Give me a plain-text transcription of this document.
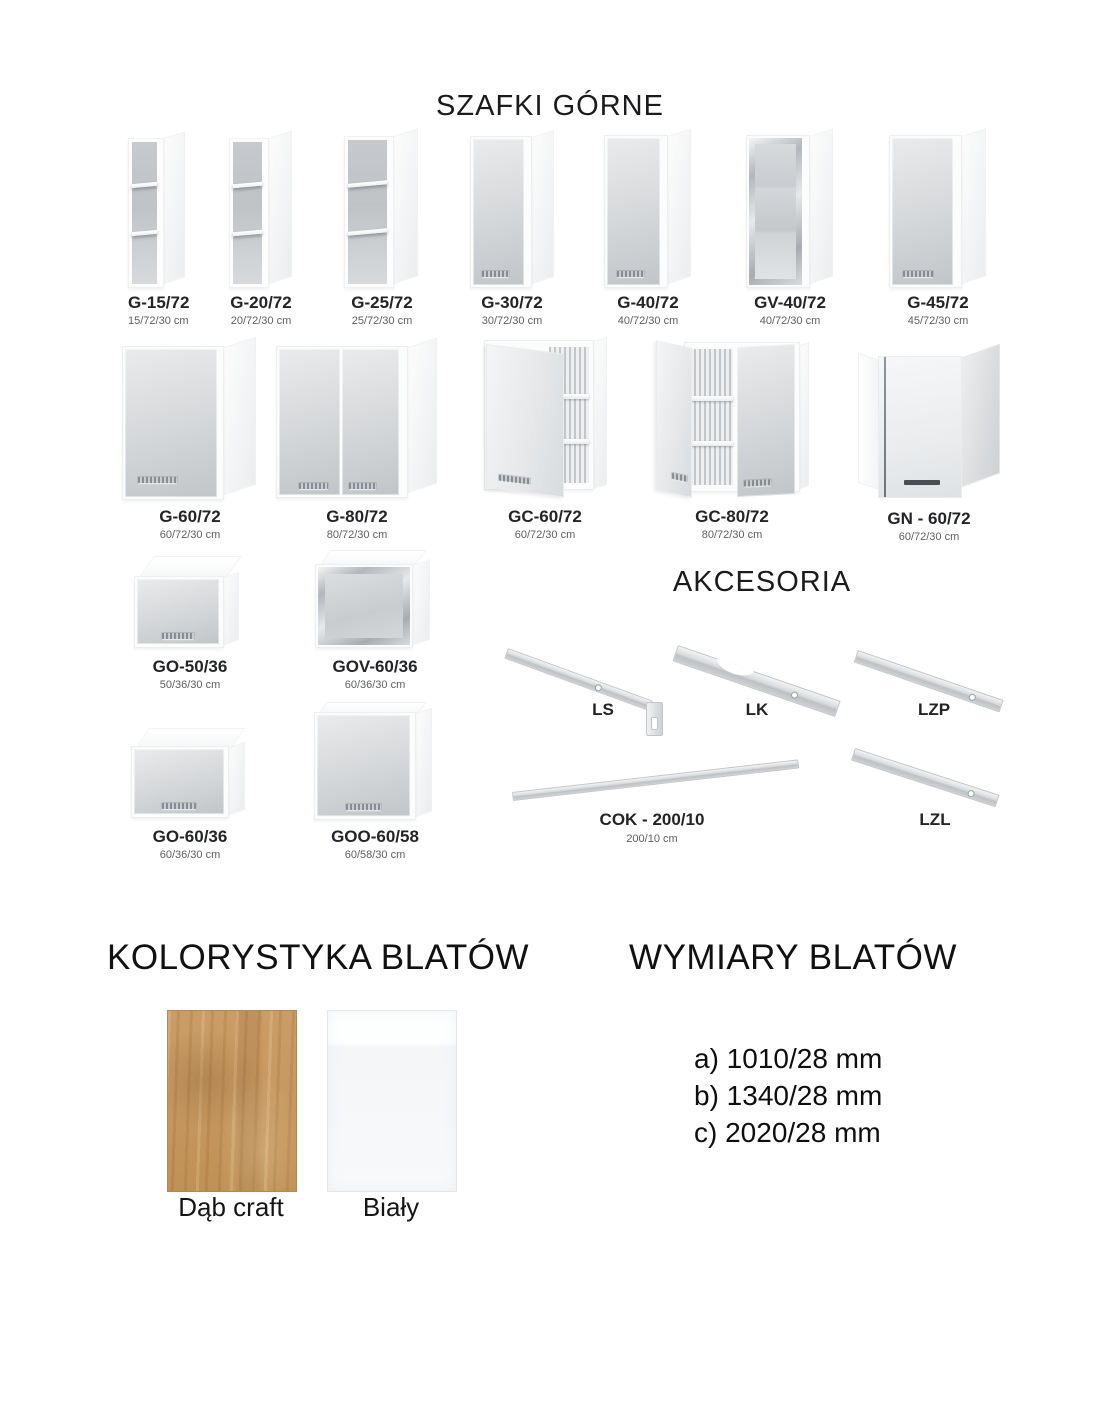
SZAFKI GÓRNE
AKCESORIA
KOLORYSTYKA BLATÓW	WYMIARY BLATÓW
G-15/72
15/72/30 cm
G-20/72
20/72/30 cm
G-25/72
25/72/30 cm
G-30/72
30/72/30 cm
G-40/72
40/72/30 cm
GV-40/72
40/72/30 cm
G-45/72
45/72/30 cm
G-60/72
60/72/30 cm
G-80/72
80/72/30 cm
GC-60/72
60/72/30 cm
GC-80/72
80/72/30 cm
GN - 60/72
60/72/30 cm
GO-50/36
50/36/30 cm
GOV-60/36
60/36/30 cm
GO-60/36
60/36/30 cm
GOO-60/58
60/58/30 cm
LS	LK	LZP
COK - 200/10
200/10 cm
LZL
Dąb craft	Biały
a) 1010/28 mm
b) 1340/28 mm
c) 2020/28 mm
